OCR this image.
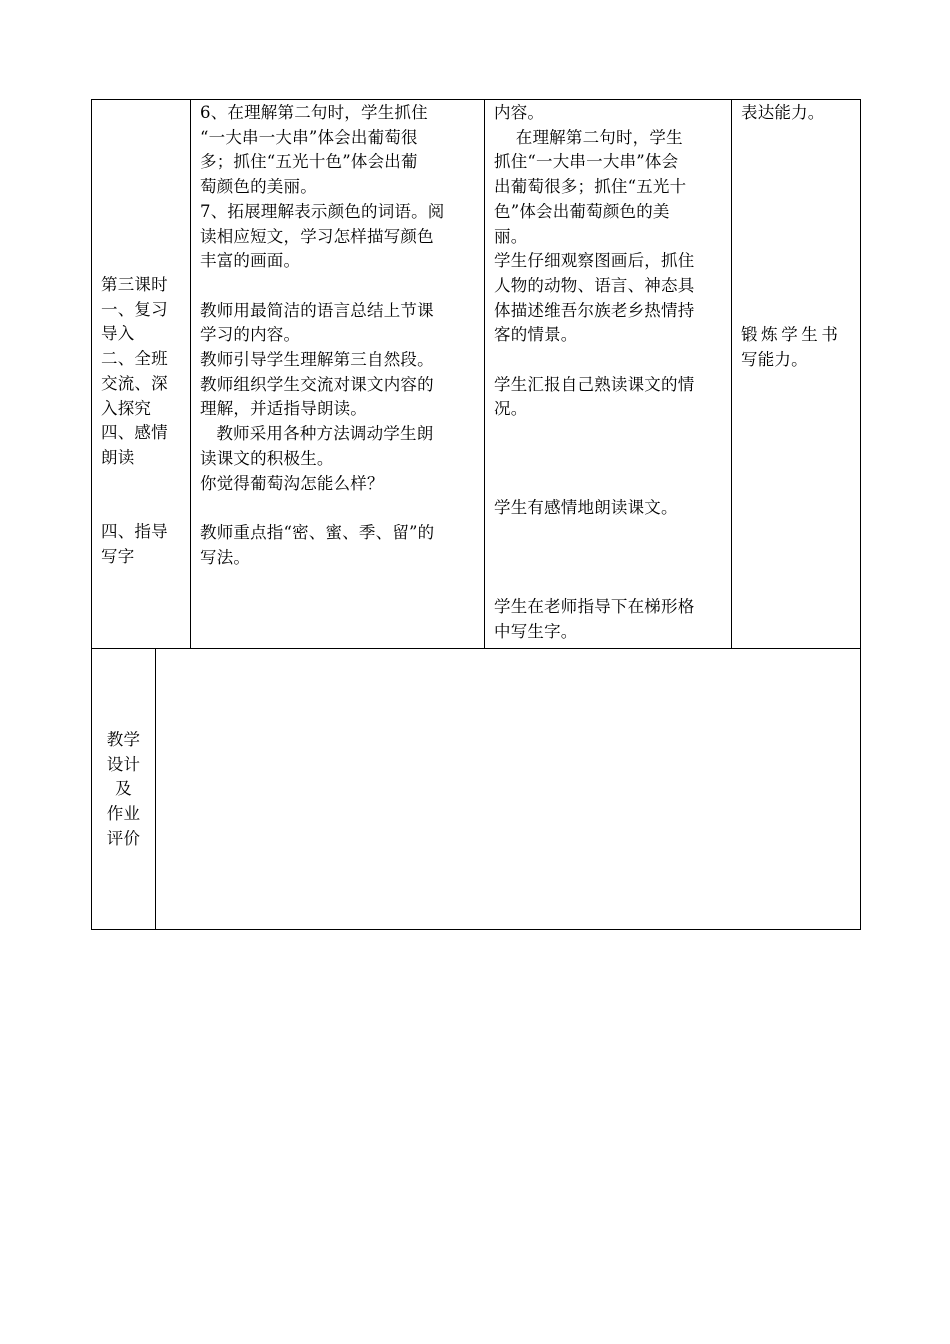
第三课时
一、复习
导入
二、全班
交流、深
入探究
四、感情
朗读
四、指导
写字
6、在理解第二句时，学生抓住
“一大串一大串”体会出葡萄很
多；抓住“五光十色”体会出葡
萄颜色的美丽。
7、拓展理解表示颜色的词语。阅
读相应短文，学习怎样描写颜色
丰富的画面。
教师用最简洁的语言总结上节课
学习的内容。
教师引导学生理解第三自然段。
教师组织学生交流对课文内容的
理解，并适指导朗读。
教师采用各种方法调动学生朗
读课文的积极生。
你觉得葡萄沟怎能么样？
教师重点指“密、蜜、季、留”的
写法。
内容。
在理解第二句时，学生
抓住“一大串一大串”体会
出葡萄很多；抓住“五光十
色”体会出葡萄颜色的美
丽。
学生仔细观察图画后，抓住
人物的动物、语言、神态具
体描述维吾尔族老乡热情持
客的情景。
学生汇报自己熟读课文的情
况。
学生有感情地朗读课文。
学生在老师指导下在梯形格
中写生字。
表达能力。
锻炼学生书
写能力。
教学
设计
及
作业
评价
